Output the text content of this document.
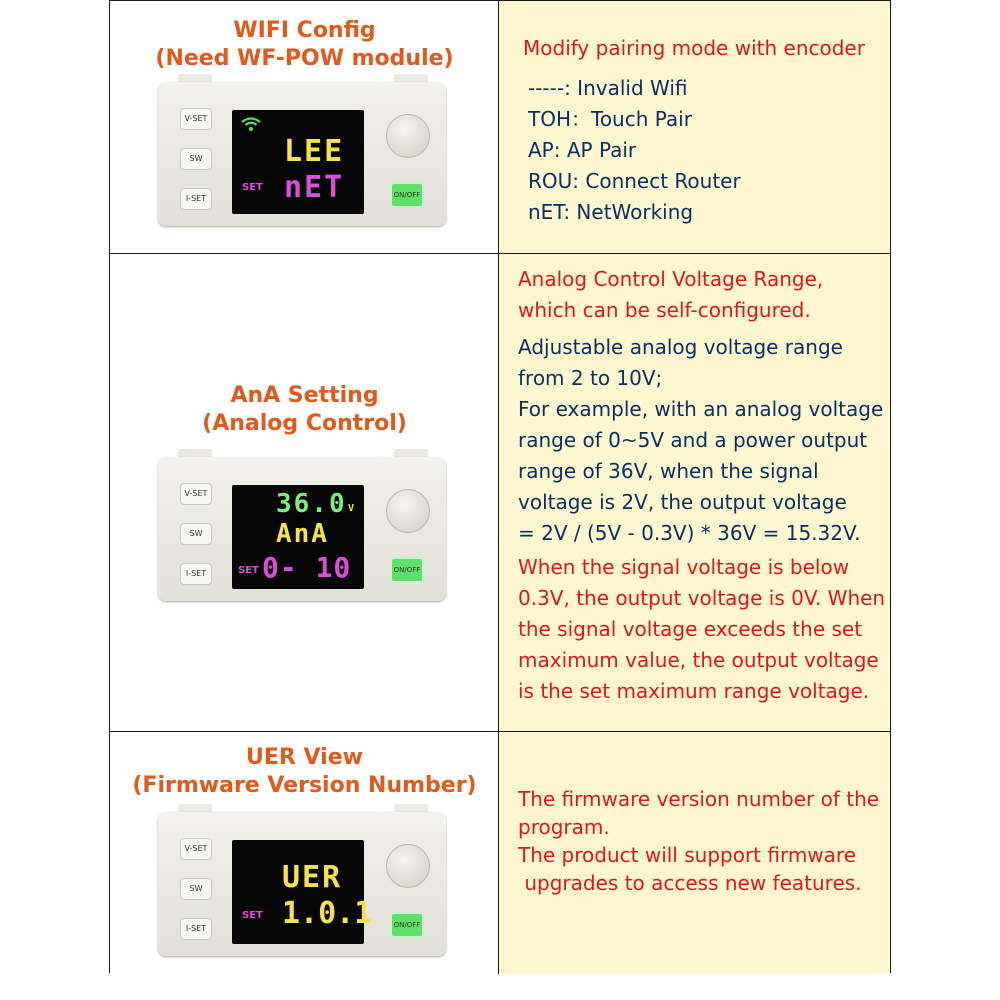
WIFI Config
(Need WF-POW module)
V-SET
SW
I-SET
LEE
SET nET	ON/OFF
Modify pairing mode with encoder
-----: Invalid Wifi
TOH：Touch Pair
AP: AP Pair
ROU: Connect Router
nET: NetWorking
AnA Setting
(Analog Control)
V-SET
SW
I-SET
36.0 V
AnA
SET 0- 10	ON/OFF
Analog Control Voltage Range,
which can be self-configured.
Adjustable analog voltage range
from 2 to 10V;
For example, with an analog voltage
range of 0~5V and a power output
range of 36V, when the signal
voltage is 2V, the output voltage
= 2V / (5V - 0.3V) * 36V = 15.32V.
When the signal voltage is below
0.3V, the output voltage is 0V. When
the signal voltage exceeds the set
maximum value, the output voltage
is the set maximum range voltage.
UER View
(Firmware Version Number)
V-SET
SW
I-SET
UER
SET 1.0.1	ON/OFF
The firmware version number of the
program.
The product will support firmware
upgrades to access new features.
